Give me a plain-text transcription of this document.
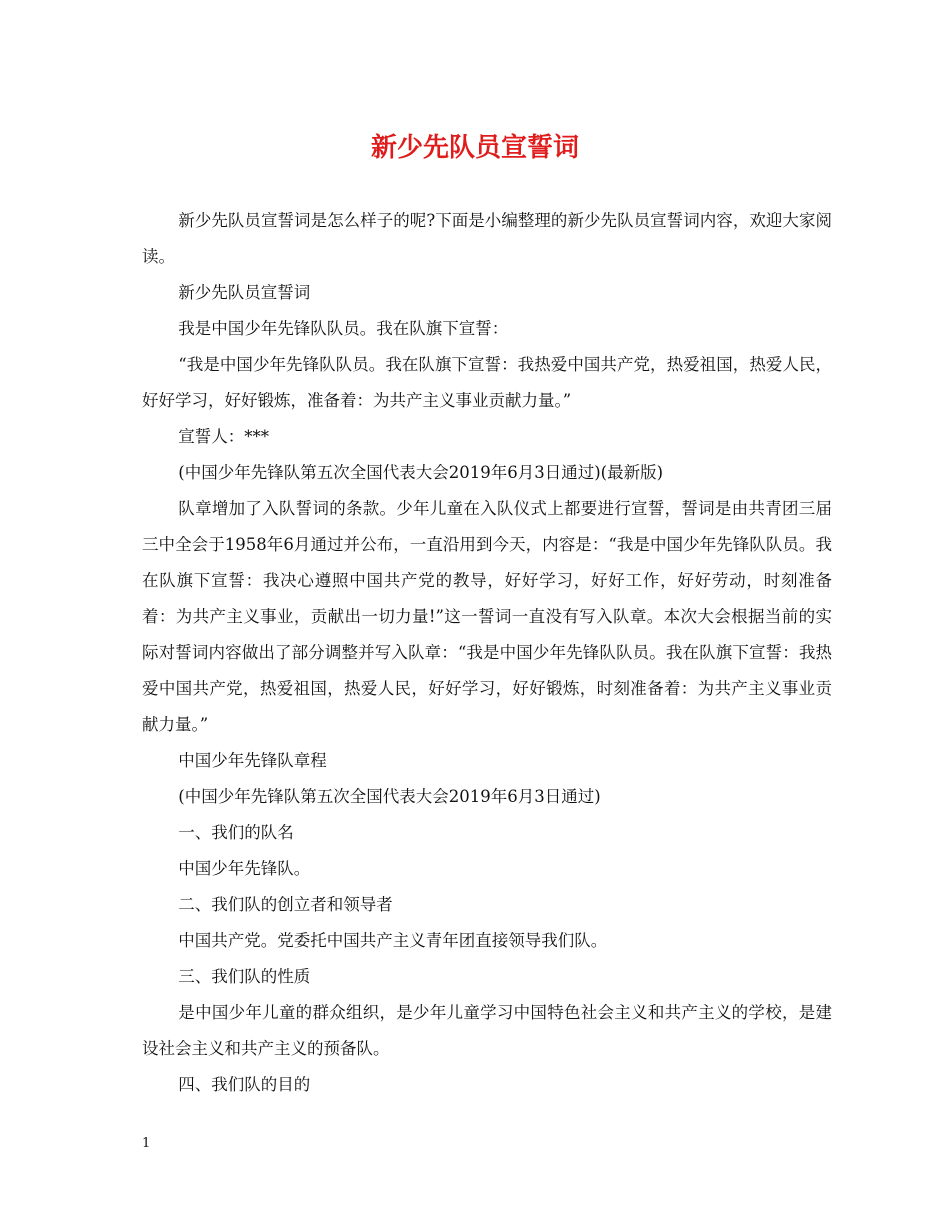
新少先队员宣誓词

新少先队员宣誓词是怎么样子的呢?下面是小编整理的新少先队员宣誓词内容，欢迎大家阅读。

新少先队员宣誓词

我是中国少年先锋队队员。我在队旗下宣誓：

“我是中国少年先锋队队员。我在队旗下宣誓：我热爱中国共产党，热爱祖国，热爱人民，好好学习，好好锻炼，准备着：为共产主义事业贡献力量。”

宣誓人：***

(中国少年先锋队第五次全国代表大会2019年6月3日通过)(最新版)

队章增加了入队誓词的条款。少年儿童在入队仪式上都要进行宣誓，誓词是由共青团三届三中全会于1958年6月通过并公布，一直沿用到今天，内容是：“我是中国少年先锋队队员。我在队旗下宣誓：我决心遵照中国共产党的教导，好好学习，好好工作，好好劳动，时刻准备着：为共产主义事业，贡献出一切力量!”这一誓词一直没有写入队章。本次大会根据当前的实际对誓词内容做出了部分调整并写入队章：“我是中国少年先锋队队员。我在队旗下宣誓：我热爱中国共产党，热爱祖国，热爱人民，好好学习，好好锻炼，时刻准备着：为共产主义事业贡献力量。”

中国少年先锋队章程

(中国少年先锋队第五次全国代表大会2019年6月3日通过)

一、我们的队名

中国少年先锋队。

二、我们队的创立者和领导者

中国共产党。党委托中国共产主义青年团直接领导我们队。

三、我们队的性质

是中国少年儿童的群众组织，是少年儿童学习中国特色社会主义和共产主义的学校，是建设社会主义和共产主义的预备队。

四、我们队的目的

1
